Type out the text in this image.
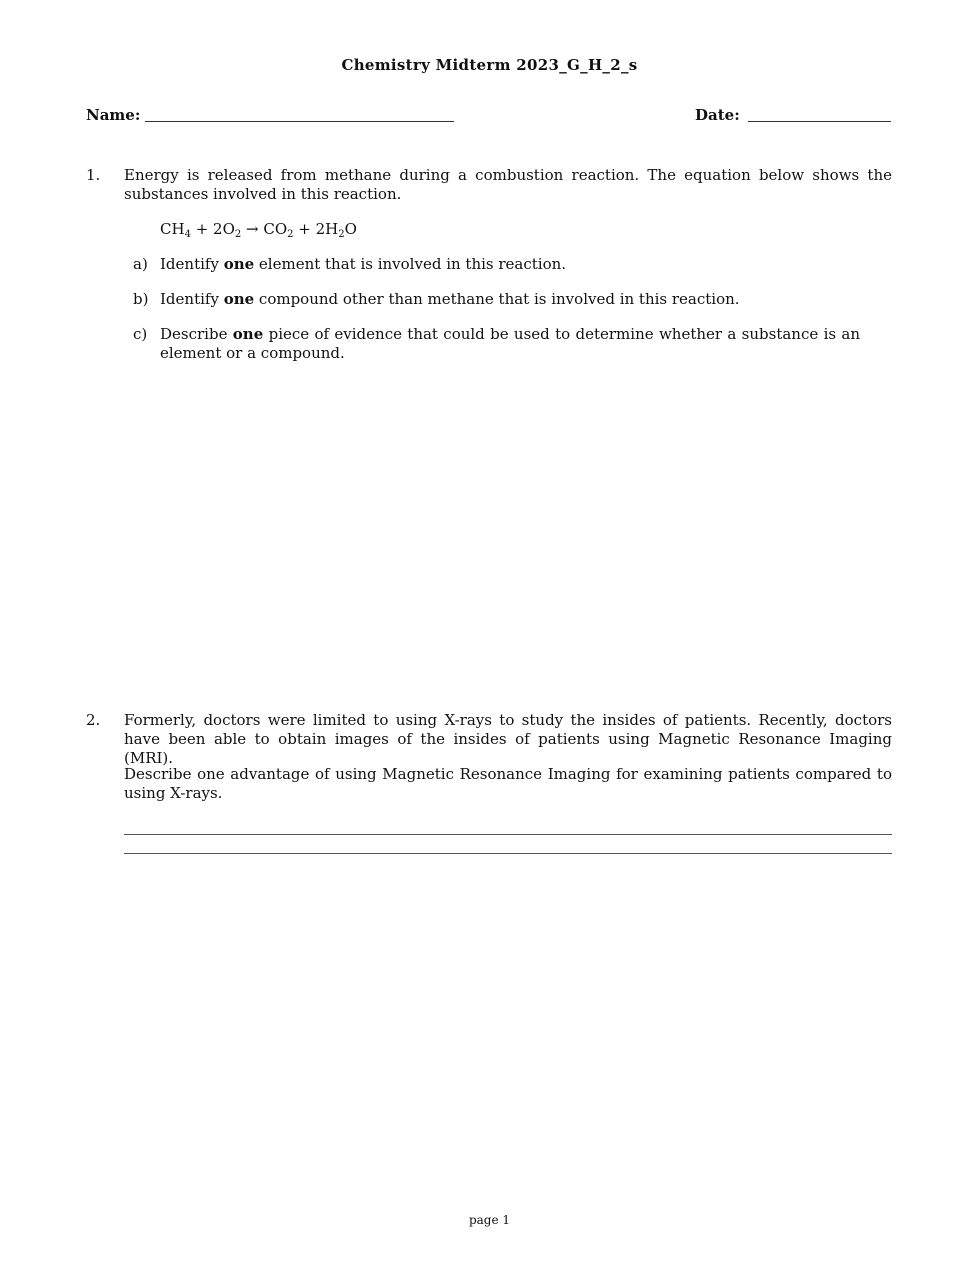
Chemistry Midterm 2023_G_H_2_s
Name:	Date:
1. Energy is released from methane during a combustion reaction. The equation below shows the substances involved in this reaction.
$CH_4 + 2O_2 \to CO_2 + 2H_2O$
a) Identify one element that is involved in this reaction.
b) Identify one compound other than methane that is involved in this reaction.
c) Describe one piece of evidence that could be used to determine whether a substance is an element or a compound.
2. Formerly, doctors were limited to using X-rays to study the insides of patients. Recently, doctors have been able to obtain images of the insides of patients using Magnetic Resonance Imaging (MRI).
Describe one advantage of using Magnetic Resonance Imaging for examining patients compared to using X-rays.
page 1
